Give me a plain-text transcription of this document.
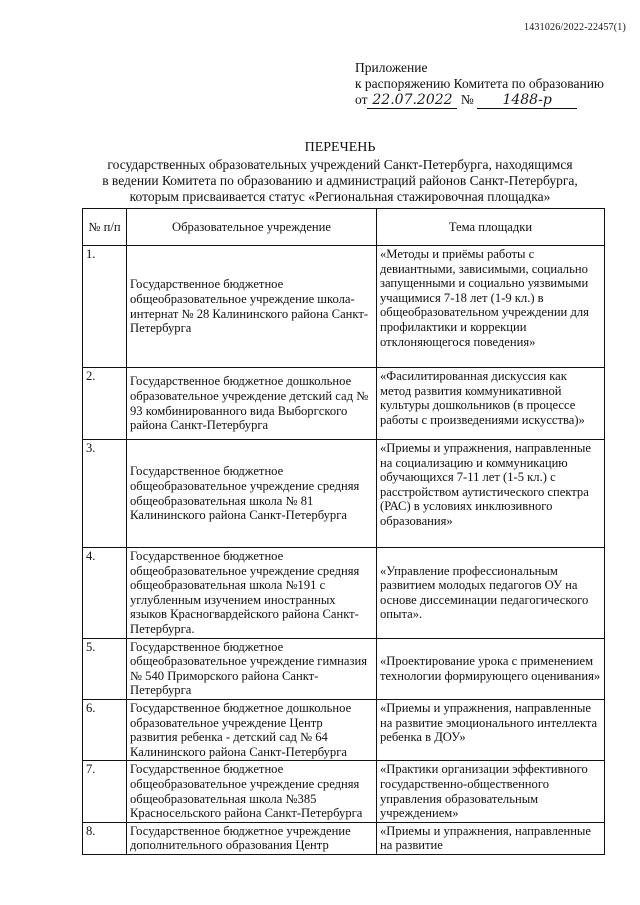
1431026/2022-22457(1)
Приложение
к распоряжению Комитета по образованию
от 22.07.2022 № 1488-р
ПЕРЕЧЕНЬ
государственных образовательных учреждений Санкт-Петербурга, находящимся
в ведении Комитета по образованию и администраций районов Санкт-Петербурга,
которым присваивается статус «Региональная стажировочная площадка»
№ п/п	Образовательное учреждение	Тема площадки
1.	Государственное бюджетное общеобразовательное учреждение школа-интернат № 28 Калининского района Санкт-Петербурга	«Методы и приёмы работы с девиантными, зависимыми, социально запущенными и социально уязвимыми учащимися 7-18 лет (1-9 кл.) в общеобразовательном учреждении для профилактики и коррекции отклоняющегося поведения»
2.	Государственное бюджетное дошкольное образовательное учреждение детский сад № 93 комбинированного вида Выборгского района Санкт-Петербурга	«Фасилитированная дискуссия как метод развития коммуникативной культуры дошкольников (в процессе работы с произведениями искусства)»
3.	Государственное бюджетное общеобразовательное учреждение средняя общеобразовательная школа № 81 Калининского района Санкт-Петербурга	«Приемы и упражнения, направленные на социализацию и коммуникацию обучающихся 7-11 лет (1-5 кл.) с расстройством аутистического спектра (РАС) в условиях инклюзивного образования»
4.	Государственное бюджетное общеобразовательное учреждение средняя общеобразовательная школа №191 с углубленным изучением иностранных языков Красногвардейского района Санкт-Петербурга.	«Управление профессиональным развитием молодых педагогов ОУ на основе диссеминации педагогического опыта».
5.	Государственное бюджетное общеобразовательное учреждение гимназия № 540 Приморского района Санкт-Петербурга	«Проектирование урока с применением технологии формирующего оценивания»
6.	Государственное бюджетное дошкольное образовательное учреждение Центр развития ребенка - детский сад № 64 Калининского района Санкт-Петербурга	«Приемы и упражнения, направленные на развитие эмоционального интеллекта ребенка в ДОУ»
7.	Государственное бюджетное общеобразовательное учреждение средняя общеобразовательная школа №385 Красносельского района Санкт-Петербурга	«Практики организации эффективного государственно-общественного управления образовательным учреждением»
8.	Государственное бюджетное учреждение дополнительного образования Центр	«Приемы и упражнения, направленные на развитие
